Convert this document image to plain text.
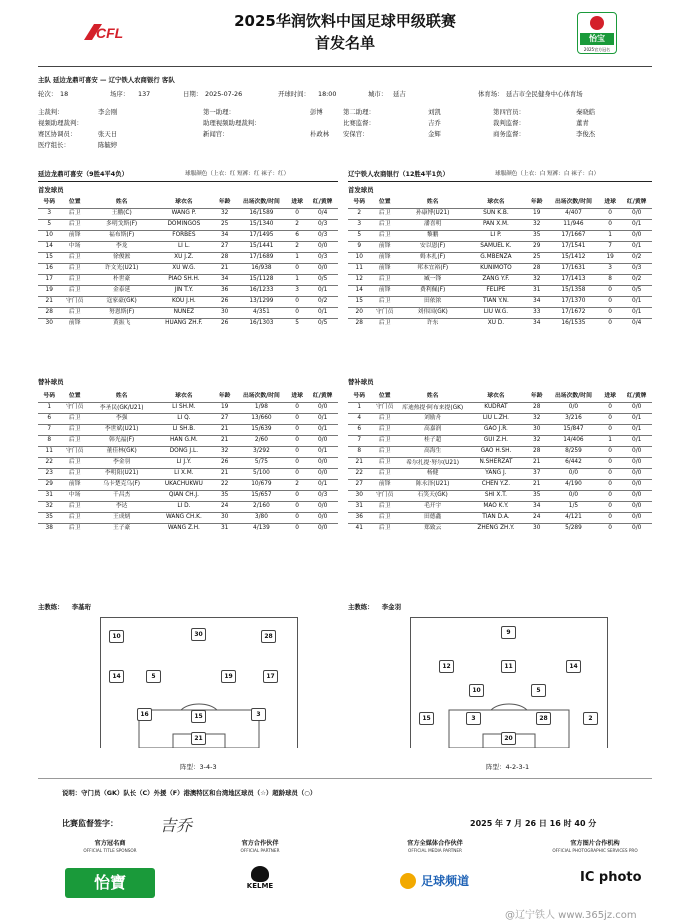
CFL
2025华润饮料中国足球甲级联赛
首发名单	怡宝
2025官方冠名
主队 延边龙鼎可喜安 — 辽宁铁人农商银行 客队
轮次： 18	场序： 137	日期： 2025-07-26	开球时间： 18:00	城市： 延吉	体育场： 延吉市全民健身中心体育场
主裁判：	李会刚	第一助理：	彭博	第二助理：	刘凯	第四官员：	秦晓皓
视频助理裁判：	助理视频助理裁判：	比赛监督：	吉乔	裁判监督：	董青
赛区协调员：	张天日	新闻官：	朴政林 安保官：	金辉	商务监督：	李俊杰
医疗组长：	陈毓婷
延边龙鼎可喜安（9胜4平4负）	球服颜色（上衣：红 短裤：红 袜子：红）	辽宁铁人农商银行（12胜4平1负）	球服颜色（上衣：白 短裤：白 袜子：白）
首发球员	首发球员
号码	位置	姓名	球衣名	年龄	出场次数/时间	进球	红/黄牌
3	后卫	王鹏(C)	WANG P.	32	16/1589	0	0/4
5	后卫	多明戈斯(F)	DOMINGOS	25	15/1340	2	0/3
10	前锋	福布斯(F)	FORBES	34	17/1495	6	0/3
14	中场	李龙	LI L.	27	15/1441	2	0/0
15	后卫	徐俊淞	XU J.Z.	28	17/1689	1	0/3
16	后卫	许文光(U21)	XU W.G.	21	16/938	0	0/0
17	后卫	朴世豪	PIAO SH.H.	34	15/1128	1	0/5
19	后卫	金泰延	JIN T.Y.	36	16/1233	3	0/1
21	守门员	寇家豪(GK)	KOU J.H.	26	13/1299	0	0/2
28	后卫	努恩斯(F)	NUNEZ	30	4/351	0	0/1
30	前锋	黄振飞	HUANG ZH.F.	26	16/1303	5	0/5
号码	位置	姓名	球衣名	年龄	出场次数/时间	进球	红/黄牌
2	后卫	孙康博(U21)	SUN K.B.	19	4/407	0	0/0
3	后卫	潘喜明	PAN X.M.	32	11/946	0	0/1
5	后卫	黎鹏	LI P.	35	17/1667	1	0/0
9	前锋	安以恩(F)	SAMUEL K.	29	17/1541	7	0/1
10	前锋	姆本扎(F)	G.MBENZA	25	15/1412	19	0/2
11	前锋	邦本宜裕(F)	KUNIMOTO	28	17/1631	3	0/3
12	后卫	臧一锋	ZANG Y.F.	32	17/1413	8	0/2
14	前锋	费利佩(F)	FELIPE	31	15/1358	0	0/5
15	后卫	田依浓	TIAN Y.N.	34	17/1370	0	0/1
20	守门员	刘伟国(GK)	LIU W.G.	33	17/1672	0	0/1
28	后卫	许东	XU D.	34	16/1535	0	0/4
替补球员	替补球员
号码	位置	姓名	球衣名	年龄	出场次数/时间	进球	红/黄牌
1	守门员	李圣民(GK/U21)	LI SH.M.	19	1/98	0	0/0
6	后卫	李强	LI Q.	27	13/660	0	0/1
7	后卫	李世斌(U21)	LI SH.B.	21	15/639	0	0/1
8	后卫	韩光福(F)	HAN G.M.	21	2/60	0	0/0
11	守门员	董佳林(GK)	DONG J.L.	32	3/292	0	0/1
22	后卫	李金羽	LI J.Y.	26	5/75	0	0/0
23	后卫	李明阳(U21)	LI X.M.	21	5/100	0	0/0
29	前锋	乌卡楚克乌(F)	UKACHUKWU	22	10/679	2	0/1
31	中场	千昌杰	QIAN CH.J.	35	15/657	0	0/3
32	后卫	李达	LI D.	24	2/160	0	0/0
35	后卫	王成炳	WANG CH.K.	30	3/80	0	0/0
38	后卫	王子豪	WANG Z.H.	31	4/139	0	0/0
号码	位置	姓名	球衣名	年龄	出场次数/时间	进球	红/黄牌
1	守门员	库迪热提·阿布来提(GK)	KUDRAT	28	0/0	0	0/0
4	后卫	刘励舟	LIU L.ZH.	32	3/216	0	0/1
6	后卫	高嘉润	GAO J.R.	30	15/847	0	0/1
7	后卫	桂子超	GUI Z.H.	32	14/406	1	0/1
8	后卫	高海生	GAO H.SH.	28	8/259	0	0/0
21	后卫	希尔扎提·努尔(U21)	N.SHERZAT	21	6/442	0	0/0
22	后卫	杨健	YANG J.	37	0/0	0	0/0
27	前锋	陈永泽(U21)	CHEN Y.Z.	21	4/190	0	0/0
30	守门员	石笑天(GK)	SHI X.T.	35	0/0	0	0/0
31	后卫	毛开宇	MAO K.Y.	34	1/5	0	0/0
36	后卫	田德鑫	TIAN D.A.	24	4/121	0	0/0
41	后卫	郑致云	ZHENG ZH.Y.	30	5/289	0	0/0
主教练： 李基珩	主教练： 李金羽
10	30	28
14	5	19	17
16	15	3
21
阵型：3-4-3
9
12	11	14
10	5
15	3	28	2
20
阵型：4-2-3-1
说明：守门员（GK）队长（C）外援（F）港澳特区和台湾地区球员（☆）超龄球员（○）
比赛监督签字：	吉乔	2025 年 7 月 26 日 16 时 40 分
官方冠名商
OFFICIAL TITLE SPONSOR
官方合作伙伴
OFFICIAL PARTNER
官方全媒体合作伙伴
OFFICIAL MEDIA PARTNER
官方图片合作机构
OFFICIAL PHOTOGRAPHIC SERVICES PRO
怡寶	KELME	足球频道	IC photo
@辽宁铁人 www.365jz.com
